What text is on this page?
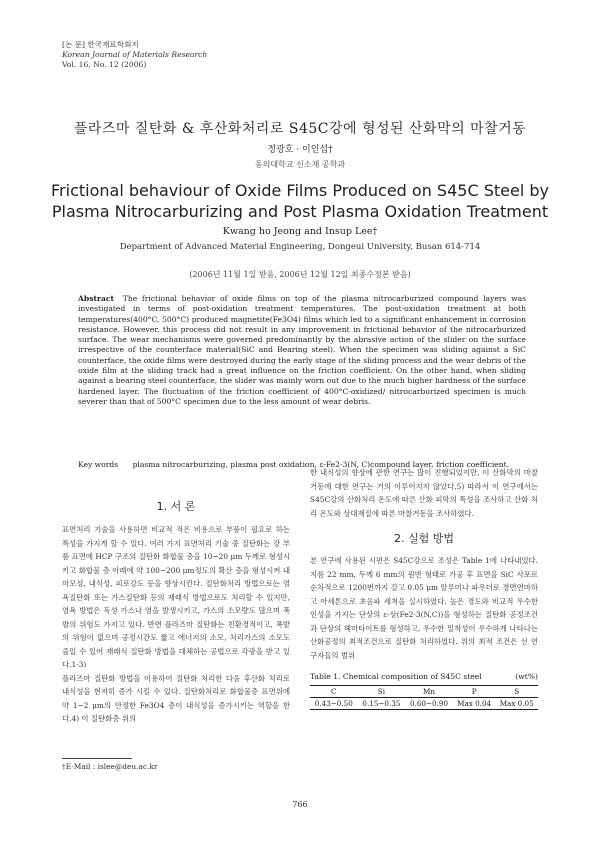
[논 문] 한국재료학회지
Korean Journal of Materials Research
Vol. 16, No. 12 (2006)
플라즈마 질탄화 & 후산화처리로 S45C강에 형성된 산화막의 마찰거동
정광호 · 이인섭†
동의대학교 신소재 공학과
Frictional behaviour of Oxide Films Produced on S45C Steel by
Plasma Nitrocarburizing and Post Plasma Oxidation Treatment
Kwang ho Jeong and Insup Lee†
Department of Advanced Material Engineering, Dongeui University, Busan 614-714
(2006년 11월 1일 받음, 2006년 12월 12일 최종수정본 받음)
Abstract The frictional behavior of oxide films on top of the plasma nitrocarburized compound layers was investigated in terms of post-oxidation treatment temperatures. The post-oxidation treatment at both temperatures(400°C, 500°C) produced magnetite(Fe3O4) films which led to a significant enhancement in corrosion resistance. However, this process did not result in any improvement in frictional behavior of the nitrocarburized surface. The wear mechanisms were governed predominantly by the abrasive action of the slider on the surface irrespective of the counterface material(SiC and Bearing steel). When the specimen was sliding against a SiC counterface, the oxide films were destroyed during the early stage of the sliding process and the wear debris of the oxide film at the sliding track had a great influence on the friction coefficient. On the other hand, when sliding against a bearing steel counterface, the slider was mainly worn out due to the much higher hardness of the surface hardened layer. The fluctuation of the friction coefficient of 400°C-oxidized/ nitrocarburized specimen is much severer than that of 500°C specimen due to the less amount of wear debris.
Key words plasma nitrocarburizing, plasma post oxidation, ε-Fe2-3(N, C)compound layer, friction coefficient.
1. 서 론

표면처리 기술을 사용하면 비교적 적은 비용으로 부품이 필요로 하는 특성을 가지게 할 수 있다. 여러 가지 표면처리 기술 중 질탄화는 강 부품 표면에 HCP 구조의 질탄화 화합물 층을 10~20 μm 두께로 형성시키고 화합물 층 아래에 약 100~200 μm정도의 확산 층을 형성시켜 내마모성, 내식성, 피로강도 등을 향상시킨다. 질탄화처리 방법으로는 염욕질탄화 또는 가스질탄화 등의 재래식 방법으로도 처리할 수 있지만, 염욕 방법은 독성 가스나 염을 발생시키고, 가스의 소모량도 많으며 폭발의 위험도 가지고 있다. 반면 플라즈마 질탄화는 친환경적이고, 폭발의 위험이 없으며 공정시간도 짧고 에너지의 소모, 처리가스의 소모도 줄일 수 있어 재래식 질탄화 방법을 대체하는 공법으로 각광을 받고 있다.1-3)

플라즈마 질탄화 방법을 이용하여 질탄화 처리한 다음 후산화 처리로 내식성을 현저히 증가 시킬 수 있다. 질탄화처리로 화합물층 표면위에 약 1~2 μm의 안정한 Fe3O4 층이 내식성을 증가시키는 역할을 한다.4) 이 질탄화층 위의

한 내식성의 향상에 관한 연구는 많이 진행되었지만, 이 산화막의 마찰거동에 대한 연구는 거의 이루어지지 않았다.5) 따라서 이 연구에서는 S45C강의 산화처리 온도에 따른 산화 피막의 특성을 조사하고 산화 처리 온도와 상대재질에 따른 마찰거동을 조사하였다.

2. 실험 방법

본 연구에 사용된 시편은 S45C강으로 조성은 Table 1에 나타내었다. 지름 22 mm, 두께 6 mm의 원반 형태로 가공 후 표면을 SiC 사포로 순차적으로 1200번까지 갈고 0.05 μm 알루미나 파우더로 경면연마하고 아세톤으로 초음파 세척을 실시하였다. 높은 경도와 비교적 우수한 인성을 가지는 단상의 ε-상(Fe2-3(N,C))을 형성하는 질탄화 공정조건과 단상의 헤마타이트를 형성하고, 우수한 밀착성이 우수하게 나타나는 산화공정의 최적조건으로 질탄화 처리하였다. 위의 최적 조건은 선 연구자들의 범위

Table 1. Chemical composition of S45C steel	(wt%)
C	Si	Mn	P	S
0.43~0.50	0.15~0.35	0.60~0.90	Max 0.04	Max 0.05
†E-Mail : islee@deu.ac.kr
766
